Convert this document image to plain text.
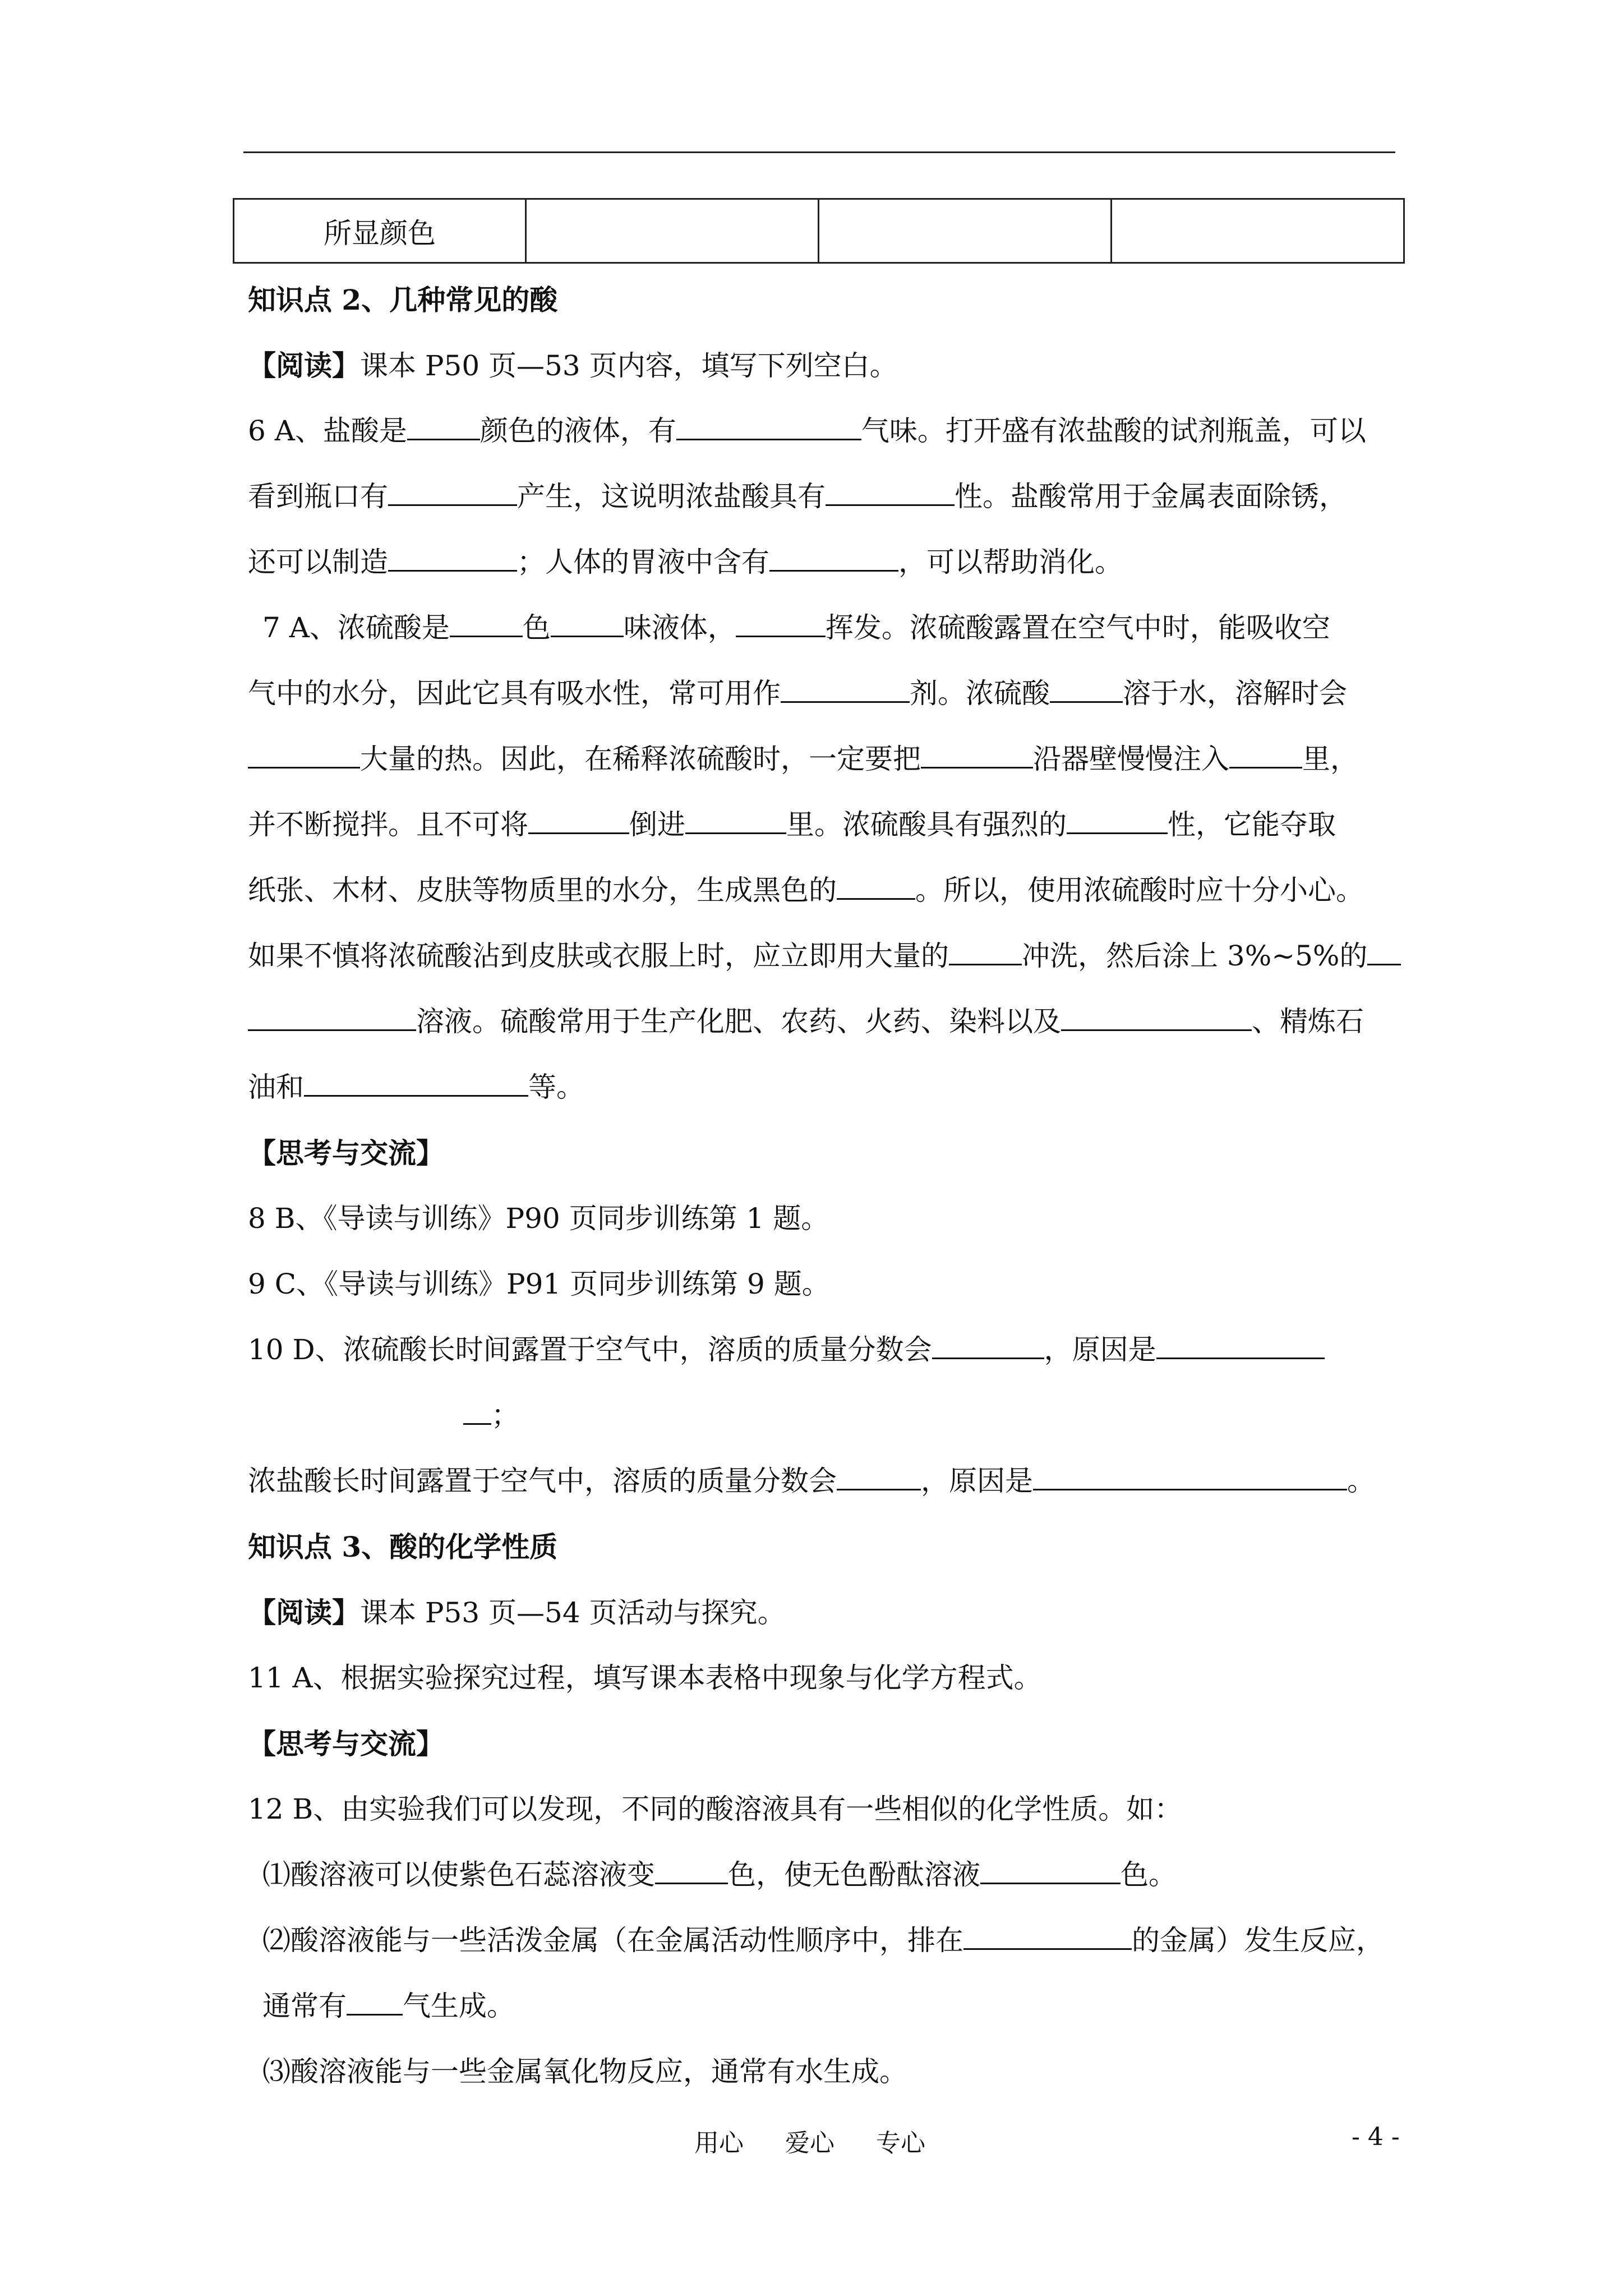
所显颜色			
知识点 2、几种常见的酸
【阅读】课本 P50 页—53 页内容，填写下列空白。
6 A、盐酸是	颜色的液体，有	气味。打开盛有浓盐酸的试剂瓶盖，可以
看到瓶口有	产生，这说明浓盐酸具有	性。盐酸常用于金属表面除锈，
还可以制造	；人体的胃液中含有	，可以帮助消化。
7 A、浓硫酸是	色	味液体，	挥发。浓硫酸露置在空气中时，能吸收空
气中的水分，因此它具有吸水性，常可用作	剂。浓硫酸	溶于水，溶解时会
大量的热。因此，在稀释浓硫酸时，一定要把	沿器壁慢慢注入	里，
并不断搅拌。且不可将	倒进	里。浓硫酸具有强烈的	性，它能夺取
纸张、木材、皮肤等物质里的水分，生成黑色的	。所以，使用浓硫酸时应十分小心。
如果不慎将浓硫酸沾到皮肤或衣服上时，应立即用大量的	冲洗，然后涂上 3%~5%的
溶液。硫酸常用于生产化肥、农药、火药、染料以及	、精炼石
油和	等。
【思考与交流】
8 B、《导读与训练》P90 页同步训练第 1 题。
9 C、《导读与训练》P91 页同步训练第 9 题。
10 D、浓硫酸长时间露置于空气中，溶质的质量分数会	，原因是
；
浓盐酸长时间露置于空气中，溶质的质量分数会	，原因是	。
知识点 3、酸的化学性质
【阅读】课本 P53 页—54 页活动与探究。
11 A、根据实验探究过程，填写课本表格中现象与化学方程式。
【思考与交流】
12 B、由实验我们可以发现，不同的酸溶液具有一些相似的化学性质。如：
⑴酸溶液可以使紫色石蕊溶液变	色，使无色酚酞溶液	色。
⑵酸溶液能与一些活泼金属（在金属活动性顺序中，排在	的金属）发生反应，
通常有 气生成。
⑶酸溶液能与一些金属氧化物反应，通常有水生成。
用心 爱心 专心	- 4 -
